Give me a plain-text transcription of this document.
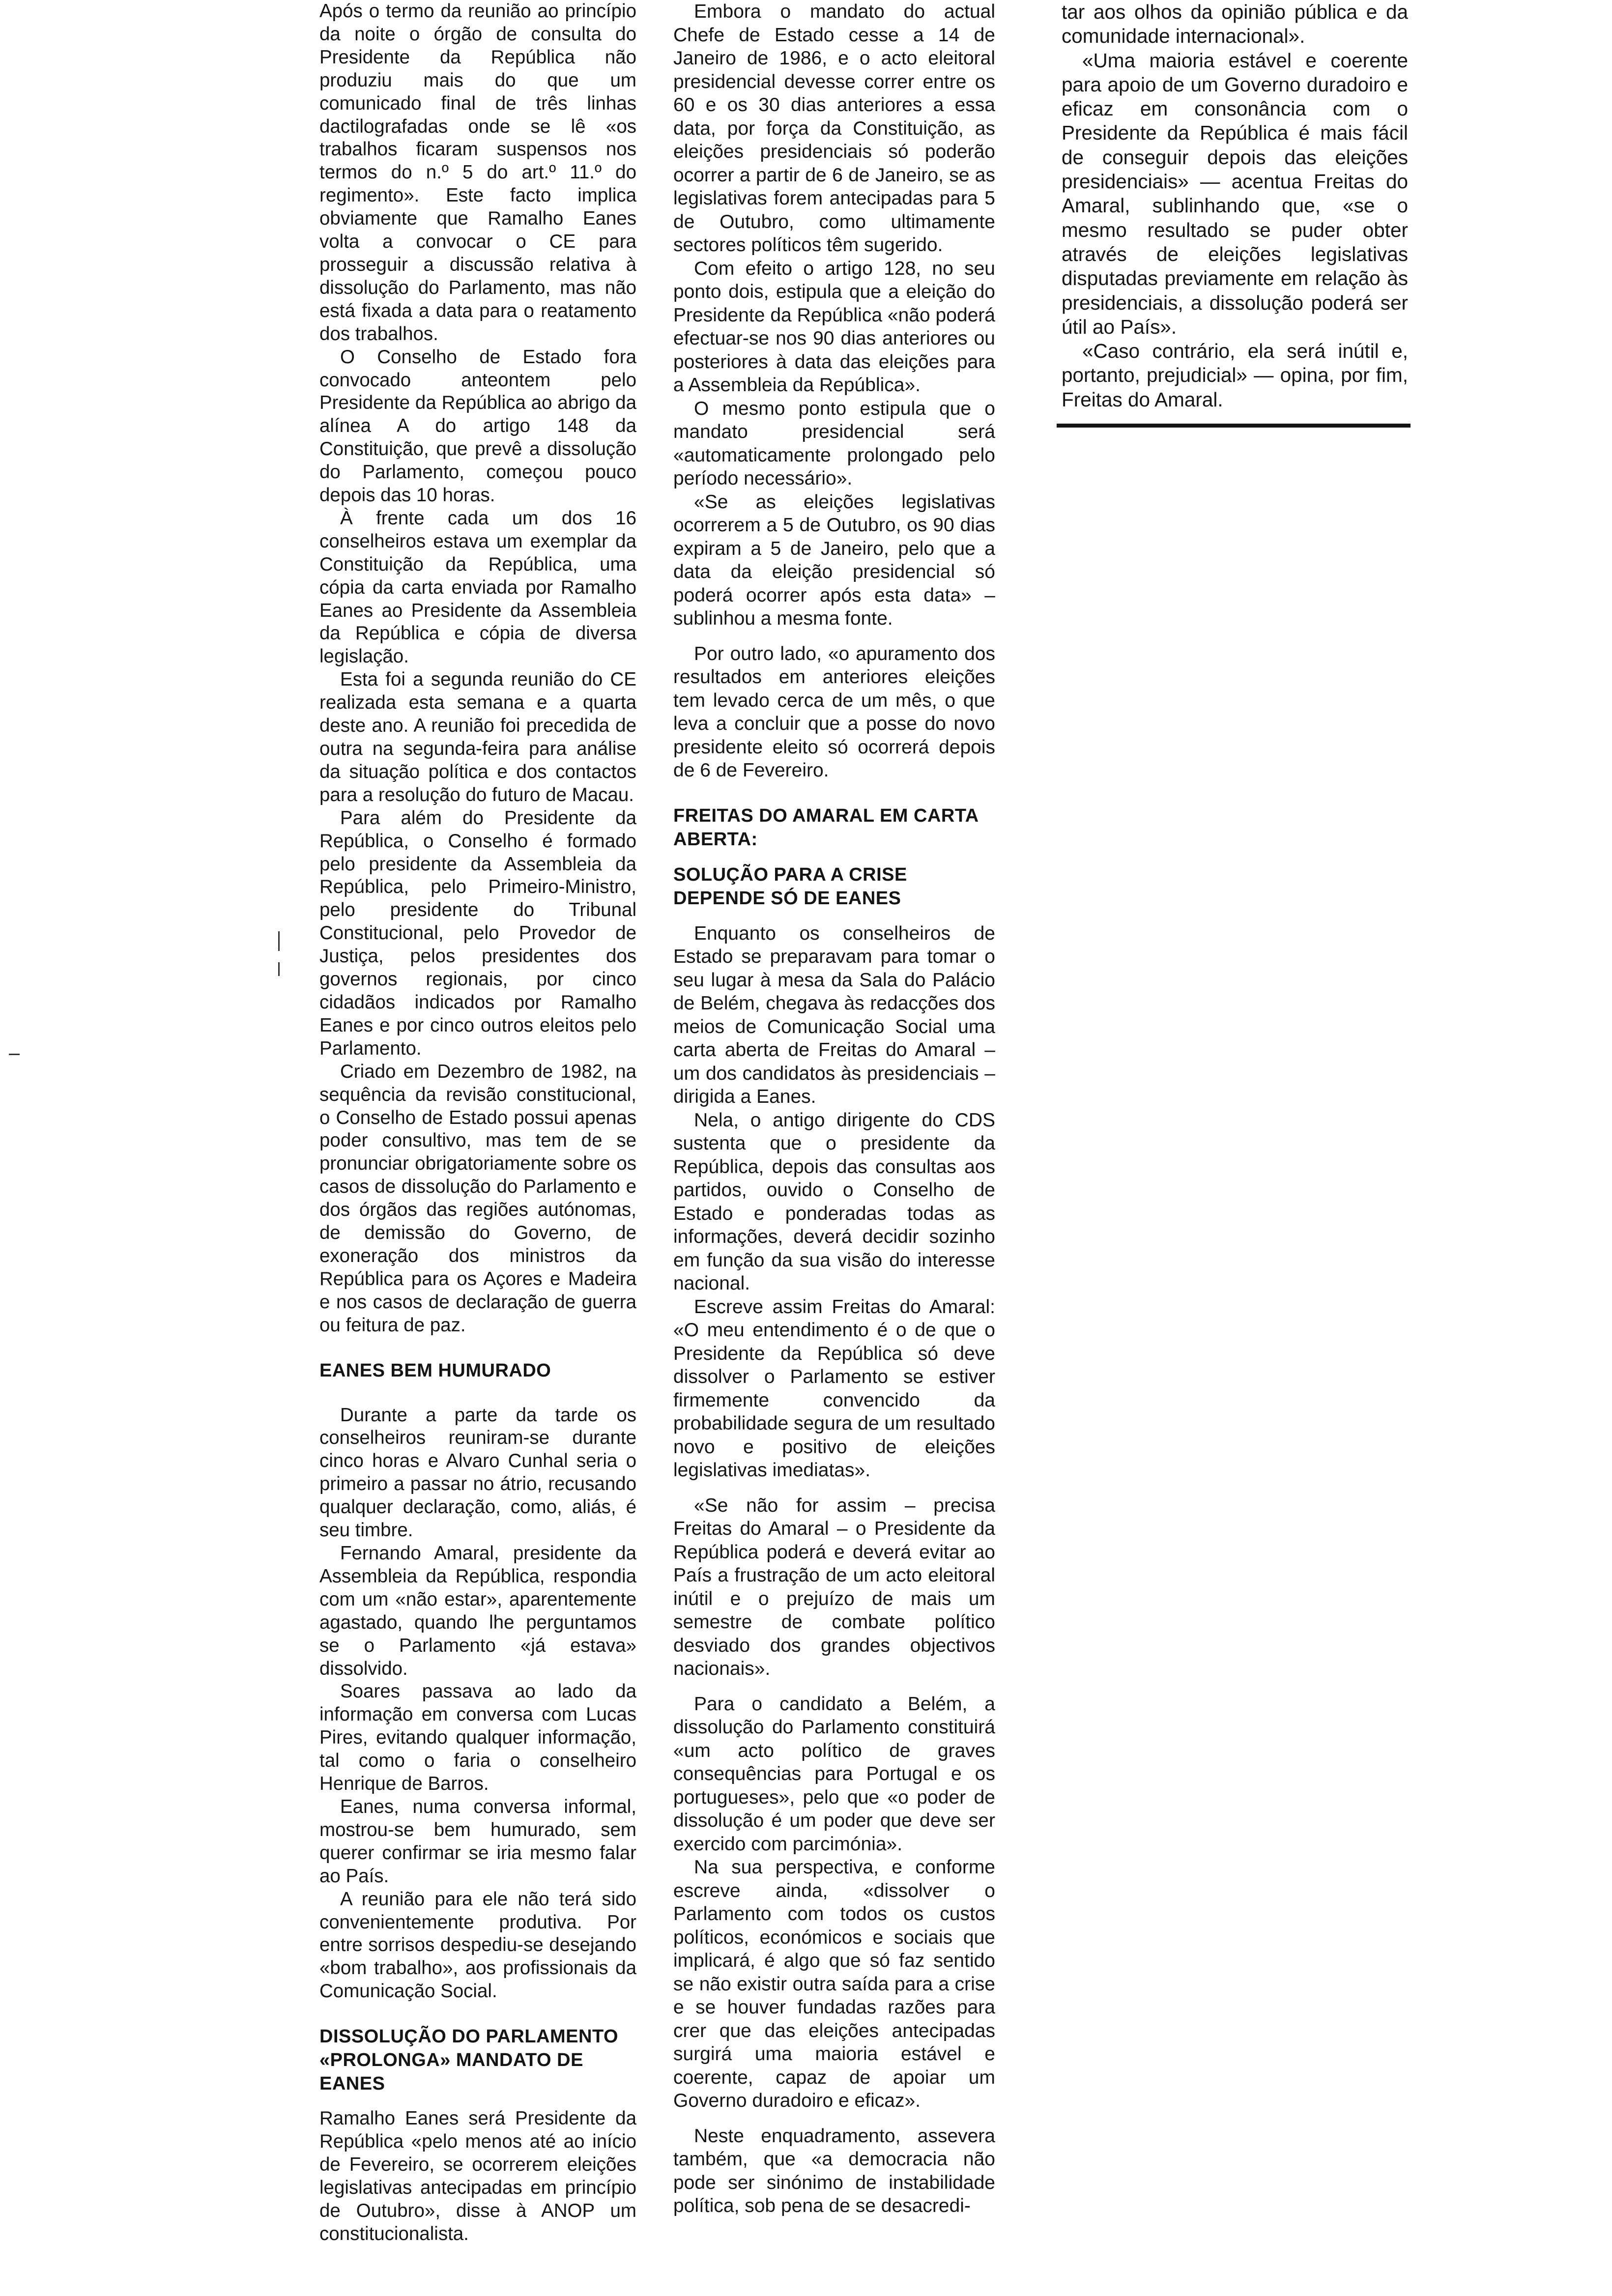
Após o termo da reunião ao princípio da noite o órgão de consulta do Presidente da República não produziu mais do que um comunicado final de três linhas dactilografadas onde se lê «os trabalhos ficaram suspensos nos termos do n.º 5 do art.º 11.º do regimento». Este facto implica obviamente que Ramalho Eanes volta a convocar o CE para prosseguir a discussão relativa à dissolução do Parlamento, mas não está fixada a data para o reatamento dos trabalhos.

O Conselho de Estado fora convocado anteontem pelo Presidente da República ao abrigo da alínea A do artigo 148 da Constituição, que prevê a dissolução do Parlamento, começou pouco depois das 10 horas.

À frente cada um dos 16 conselheiros estava um exemplar da Constituição da República, uma cópia da carta enviada por Ramalho Eanes ao Presidente da Assembleia da República e cópia de diversa legislação.

Esta foi a segunda reunião do CE realizada esta semana e a quarta deste ano. A reunião foi precedida de outra na segunda-feira para análise da situação política e dos contactos para a resolução do futuro de Macau.

Para além do Presidente da República, o Conselho é formado pelo presidente da Assembleia da República, pelo Primeiro-Ministro, pelo presidente do Tribunal Constitucional, pelo Provedor de Justiça, pelos presidentes dos governos regionais, por cinco cidadãos indicados por Ramalho Eanes e por cinco outros eleitos pelo Parlamento.

Criado em Dezembro de 1982, na sequência da revisão constitucional, o Conselho de Estado possui apenas poder consultivo, mas tem de se pronunciar obrigatoriamente sobre os casos de dissolução do Parlamento e dos órgãos das regiões autónomas, de demissão do Governo, de exoneração dos ministros da República para os Açores e Madeira e nos casos de declaração de guerra ou feitura de paz.

EANES BEM HUMURADO

Durante a parte da tarde os conselheiros reuniram-se durante cinco horas e Alvaro Cunhal seria o primeiro a passar no átrio, recusando qualquer declaração, como, aliás, é seu timbre.

Fernando Amaral, presidente da Assembleia da República, respondia com um «não estar», aparentemente agastado, quando lhe perguntamos se o Parlamento «já estava» dissolvido.

Soares passava ao lado da informação em conversa com Lucas Pires, evitando qualquer informação, tal como o faria o conselheiro Henrique de Barros.

Eanes, numa conversa informal, mostrou-se bem humurado, sem querer confirmar se iria mesmo falar ao País.

A reunião para ele não terá sido convenientemente produtiva. Por entre sorrisos despediu-se desejando «bom trabalho», aos profissionais da Comunicação Social.

DISSOLUÇÃO DO PARLAMENTO «PROLONGA» MANDATO DE EANES

Ramalho Eanes será Presidente da República «pelo menos até ao início de Fevereiro, se ocorrerem eleições legislativas antecipadas em princípio de Outubro», disse à ANOP um constitucionalista.

Embora o mandato do actual Chefe de Estado cesse a 14 de Janeiro de 1986, e o acto eleitoral presidencial devesse correr entre os 60 e os 30 dias anteriores a essa data, por força da Constituição, as eleições presidenciais só poderão ocorrer a partir de 6 de Janeiro, se as legislativas forem antecipadas para 5 de Outubro, como ultimamente sectores políticos têm sugerido.

Com efeito o artigo 128, no seu ponto dois, estipula que a eleição do Presidente da República «não poderá efectuar-se nos 90 dias anteriores ou posteriores à data das eleições para a Assembleia da República».

O mesmo ponto estipula que o mandato presidencial será «automaticamente prolongado pelo período necessário».

«Se as eleições legislativas ocorrerem a 5 de Outubro, os 90 dias expiram a 5 de Janeiro, pelo que a data da eleição presidencial só poderá ocorrer após esta data» – sublinhou a mesma fonte.

Por outro lado, «o apuramento dos resultados em anteriores eleições tem levado cerca de um mês, o que leva a concluir que a posse do novo presidente eleito só ocorrerá depois de 6 de Fevereiro.

FREITAS DO AMARAL EM CARTA ABERTA:

SOLUÇÃO PARA A CRISE DEPENDE SÓ DE EANES

Enquanto os conselheiros de Estado se preparavam para tomar o seu lugar à mesa da Sala do Palácio de Belém, chegava às redacções dos meios de Comunicação Social uma carta aberta de Freitas do Amaral – um dos candidatos às presidenciais – dirigida a Eanes.

Nela, o antigo dirigente do CDS sustenta que o presidente da República, depois das consultas aos partidos, ouvido o Conselho de Estado e ponderadas todas as informações, deverá decidir sozinho em função da sua visão do interesse nacional.

Escreve assim Freitas do Amaral: «O meu entendimento é o de que o Presidente da República só deve dissolver o Parlamento se estiver firmemente convencido da probabilidade segura de um resultado novo e positivo de eleições legislativas imediatas».

«Se não for assim – precisa Freitas do Amaral – o Presidente da República poderá e deverá evitar ao País a frustração de um acto eleitoral inútil e o prejuízo de mais um semestre de combate político desviado dos grandes objectivos nacionais».

Para o candidato a Belém, a dissolução do Parlamento constituirá «um acto político de graves consequências para Portugal e os portugueses», pelo que «o poder de dissolução é um poder que deve ser exercido com parcimónia».

Na sua perspectiva, e conforme escreve ainda, «dissolver o Parlamento com todos os custos políticos, económicos e sociais que implicará, é algo que só faz sentido se não existir outra saída para a crise e se houver fundadas razões para crer que das eleições antecipadas surgirá uma maioria estável e coerente, capaz de apoiar um Governo duradoiro e eficaz».

Neste enquadramento, assevera também, que «a democracia não pode ser sinónimo de instabilidade política, sob pena de se desacredi-

tar aos olhos da opinião pública e da comunidade internacional».

«Uma maioria estável e coerente para apoio de um Governo duradoiro e eficaz em consonância com o Presidente da República é mais fácil de conseguir depois das eleições presidenciais» — acentua Freitas do Amaral, sublinhando que, «se o mesmo resultado se puder obter através de eleições legislativas disputadas previamente em relação às presidenciais, a dissolução poderá ser útil ao País».

«Caso contrário, ela será inútil e, portanto, prejudicial» — opina, por fim, Freitas do Amaral.
